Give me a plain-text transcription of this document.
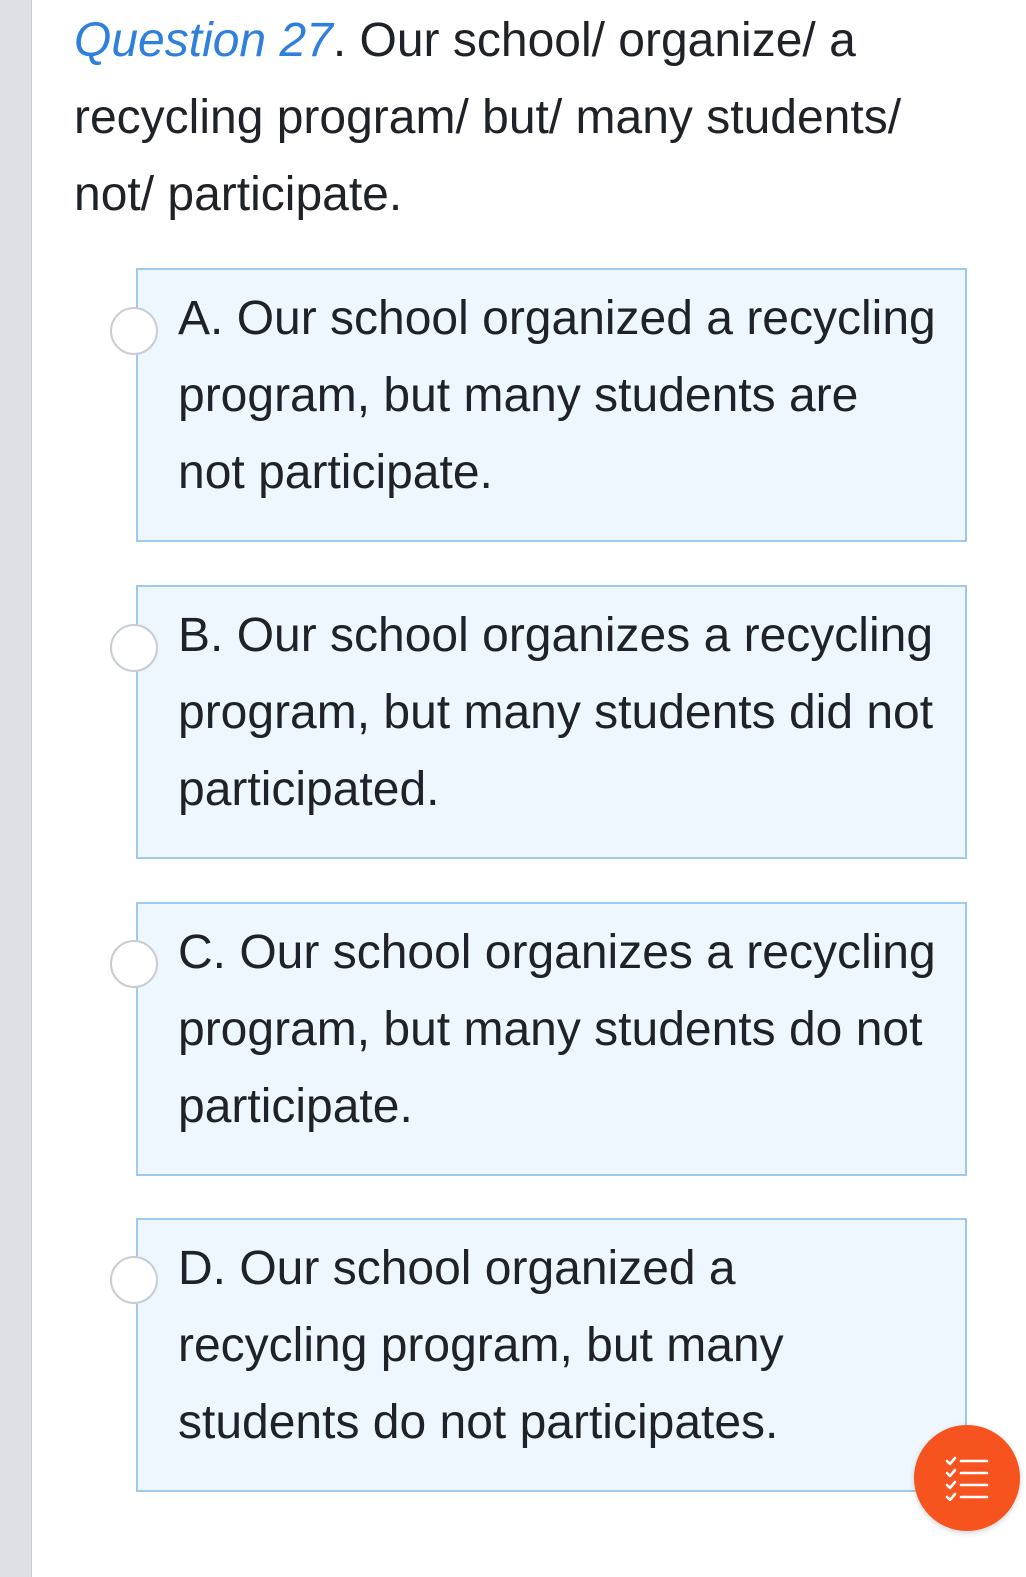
Question 27. Our school/ organize/ a recycling program/ but/ many students/ not/ participate.
A. Our school organized a recycling program, but many students are not participate.
B. Our school organizes a recycling program, but many students did not participated.
C. Our school organizes a recycling program, but many students do not participate.
D. Our school organized a recycling program, but many students do not participates.
